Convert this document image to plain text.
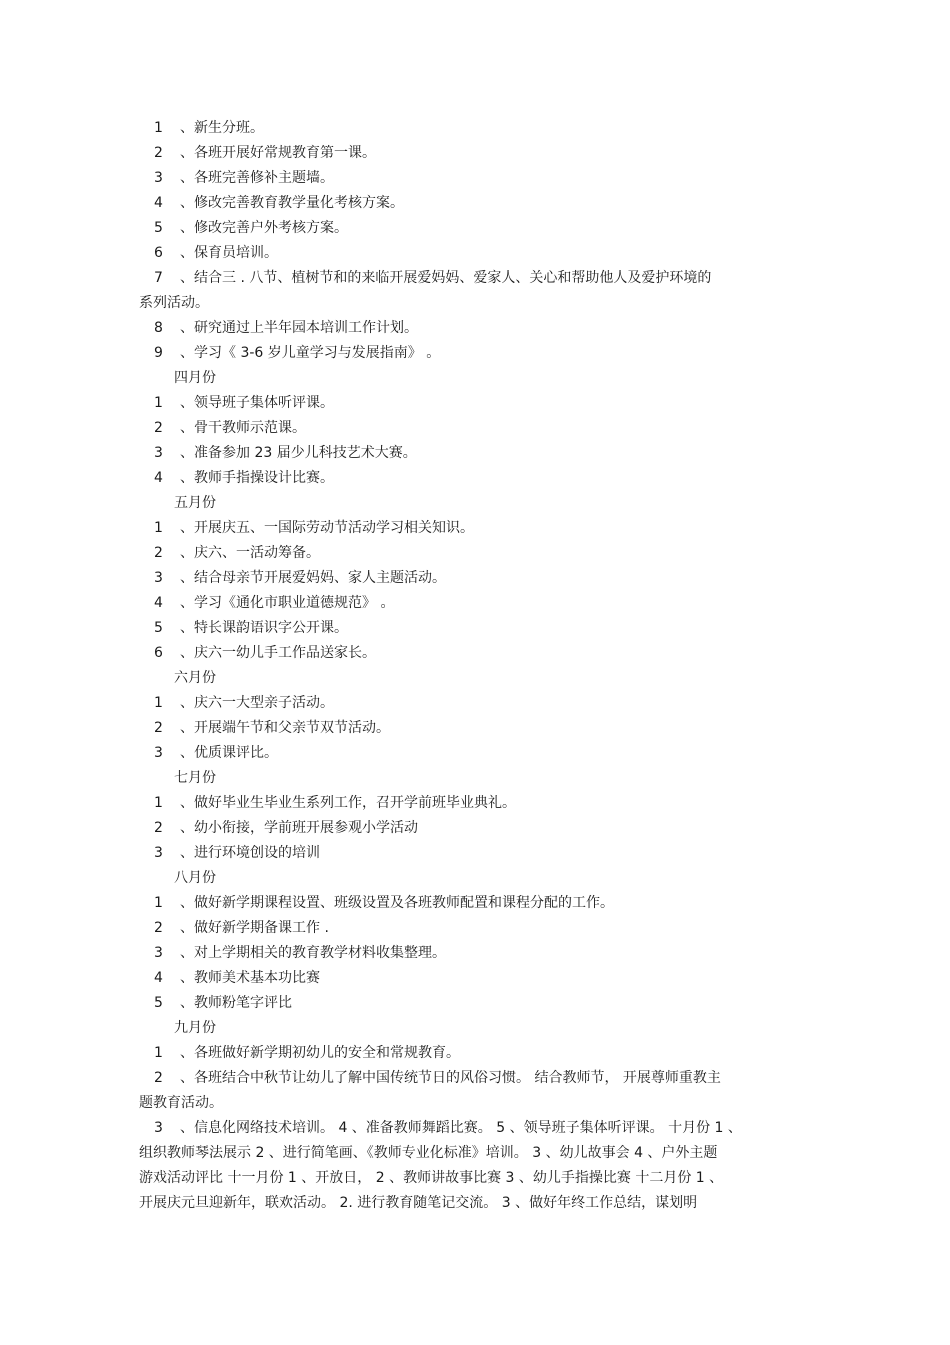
1 、新生分班。
2 、各班开展好常规教育第一课。
3 、各班完善修补主题墙。
4 、修改完善教育教学量化考核方案。
5 、修改完善户外考核方案。
6 、保育员培训。
7 、结合三 . 八节、植树节和的来临开展爱妈妈、爱家人、关心和帮助他人及爱护环境的
系列活动。
8 、研究通过上半年园本培训工作计划。
9 、学习《 3-6 岁儿童学习与发展指南》 。
四月份
1 、领导班子集体听评课。
2 、骨干教师示范课。
3 、准备参加 23 届少儿科技艺术大赛。
4 、教师手指操设计比赛。
五月份
1 、开展庆五、一国际劳动节活动学习相关知识。
2 、庆六、一活动筹备。
3 、结合母亲节开展爱妈妈、家人主题活动。
4 、学习《通化市职业道德规范》 。
5 、特长课韵语识字公开课。
6 、庆六一幼儿手工作品送家长。
六月份
1 、庆六一大型亲子活动。
2 、开展端午节和父亲节双节活动。
3 、优质课评比。
七月份
1 、做好毕业生毕业生系列工作，召开学前班毕业典礼。
2 、幼小衔接，学前班开展参观小学活动
3 、进行环境创设的培训
八月份
1 、做好新学期课程设置、班级设置及各班教师配置和课程分配的工作。
2 、做好新学期备课工作 .
3 、对上学期相关的教育教学材料收集整理。
4 、教师美术基本功比赛
5 、教师粉笔字评比
九月份
1 、各班做好新学期初幼儿的安全和常规教育。
2 、各班结合中秋节让幼儿了解中国传统节日的风俗习惯。 结合教师节， 开展尊师重教主
题教育活动。
3 、信息化网络技术培训。 4 、准备教师舞蹈比赛。 5 、领导班子集体听评课。 十月份 1 、
组织教师琴法展示 2 、进行简笔画、《教师专业化标准》培训。 3 、幼儿故事会 4 、户外主题
游戏活动评比 十一月份 1 、开放日， 2 、教师讲故事比赛 3 、幼儿手指操比赛 十二月份 1 、
开展庆元旦迎新年，联欢活动。 2. 进行教育随笔记交流。 3 、做好年终工作总结，谋划明
